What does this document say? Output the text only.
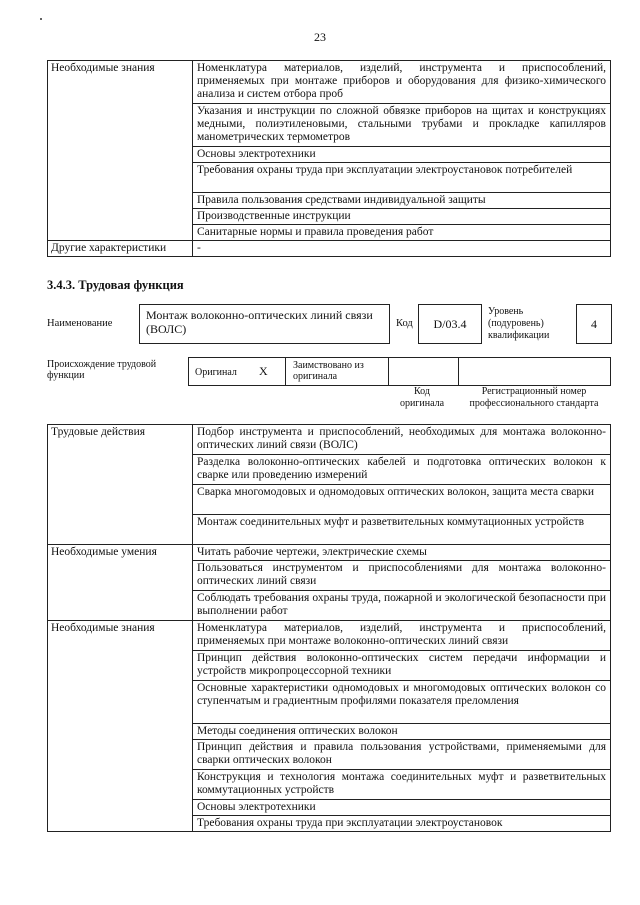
23
Необходимые знания	Номенклатура материалов, изделий, инструмента и приспособлений, применяемых при монтаже приборов и оборудования для физико-химического анализа и систем отбора проб
	Указания и инструкции по сложной обвязке приборов на щитах и конструкциях медными, полиэтиленовыми, стальными трубами и прокладке капилляров манометрических термометров
	Основы электротехники
	Требования охраны труда при эксплуатации электроустановок потребителей
	Правила пользования средствами индивидуальной защиты
	Производственные инструкции
	Санитарные нормы и правила проведения работ
Другие характеристики	-
3.4.3. Трудовая функция
Наименование
Монтаж волоконно-оптических линий связи (ВОЛС)	Код	D/03.4
Уровень (подуровень) квалификации
4
Происхождение трудовой функции	Оригинал X	Заимствовано из оригинала
Код оригинала
Регистрационный номер профессионального стандарта
Трудовые действия	Подбор инструмента и приспособлений, необходимых для монтажа волоконно-оптических линий связи (ВОЛС)
	Разделка волоконно-оптических кабелей и подготовка оптических волокон к сварке или проведению измерений
	Сварка многомодовых и одномодовых оптических волокон, защита места сварки
	Монтаж соединительных муфт и разветвительных коммутационных устройств
Необходимые умения	Читать рабочие чертежи, электрические схемы
	Пользоваться инструментом и приспособлениями для монтажа волоконно-оптических линий связи
	Соблюдать требования охраны труда, пожарной и экологической безопасности при выполнении работ
Необходимые знания	Номенклатура материалов, изделий, инструмента и приспособлений, применяемых при монтаже волоконно-оптических линий связи
	Принцип действия волоконно-оптических систем передачи информации и устройств микропроцессорной техники
	Основные характеристики одномодовых и многомодовых оптических волокон со ступенчатым и градиентным профилями показателя преломления
	Методы соединения оптических волокон
	Принцип действия и правила пользования устройствами, применяемыми для сварки оптических волокон
	Конструкция и технология монтажа соединительных муфт и разветвительных коммутационных устройств
	Основы электротехники
	Требования охраны труда при эксплуатации электроустановок
